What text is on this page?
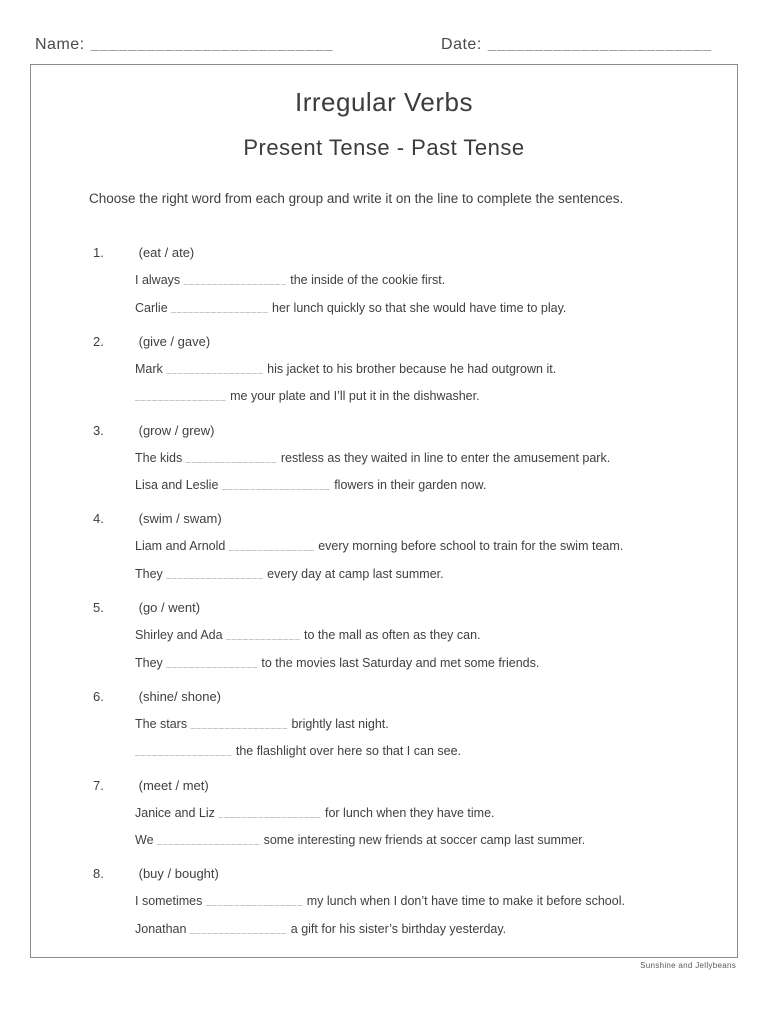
Name: __________________________	Date: ________________________
Irregular Verbs
Present Tense - Past Tense

Choose the right word from each group and write it on the line to complete the sentences.

1.	(eat / ate)

I always __________________ the inside of the cookie first.

Carlie _________________ her lunch quickly so that she would have time to play.

2.	(give / gave)

Mark _________________ his jacket to his brother because he had outgrown it.

________________ me your plate and I’ll put it in the dishwasher.

3.	(grow / grew)

The kids ________________ restless as they waited in line to enter the amusement park.

Lisa and Leslie ___________________ flowers in their garden now.

4.	(swim / swam)

Liam and Arnold _______________ every morning before school to train for the swim team.

They _________________ every day at camp last summer.

5.	(go / went)

Shirley and Ada _____________ to the mall as often as they can.

They ________________ to the movies last Saturday and met some friends.

6.	(shine/ shone)

The stars _________________ brightly last night.

_________________ the flashlight over here so that I can see.

7.	(meet / met)

Janice and Liz __________________ for lunch when they have time.

We __________________ some interesting new friends at soccer camp last summer.

8.	(buy / bought)

I sometimes _________________ my lunch when I don’t have time to make it before school.

Jonathan _________________ a gift for his sister’s birthday yesterday.

Sunshine and Jellybeans
